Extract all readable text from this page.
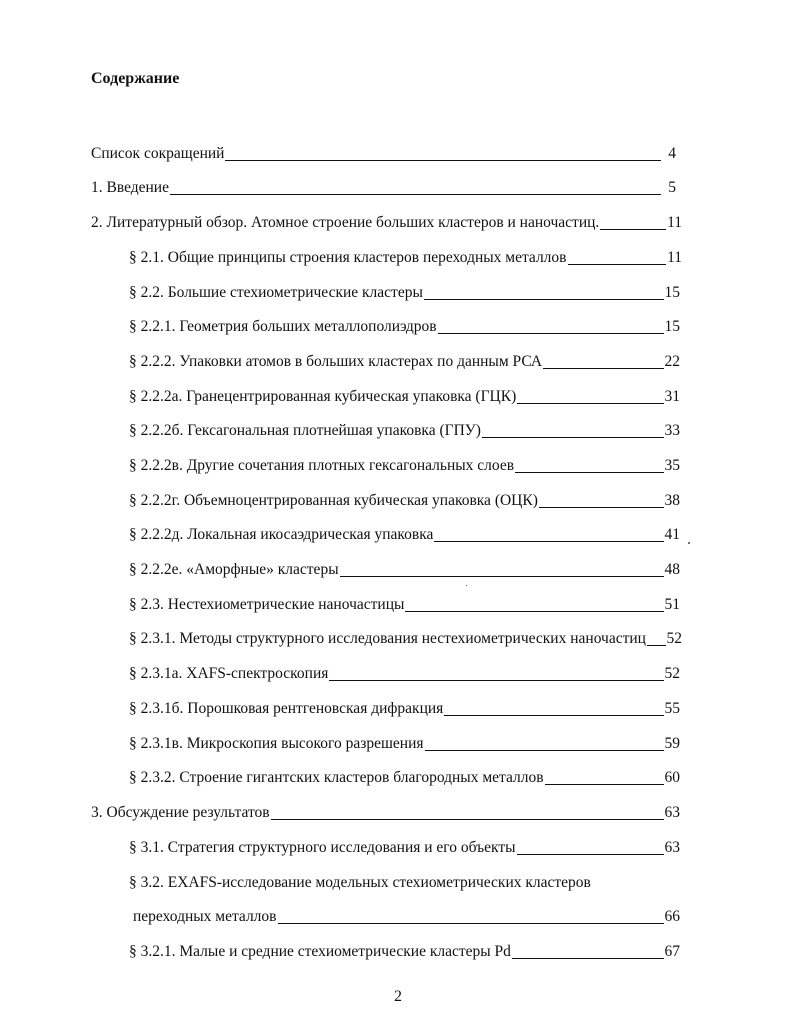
Содержание
Список сокращений	4
1. Введение	5
2. Литературный обзор. Атомное строение больших кластеров и наночастиц.	11
§ 2.1. Общие принципы строения кластеров переходных металлов	11
§ 2.2. Большие стехиометрические кластеры	15
§ 2.2.1. Геометрия больших металлополиэдров	15
§ 2.2.2. Упаковки атомов в больших кластерах по данным РСА	22
§ 2.2.2а. Гранецентрированная кубическая упаковка (ГЦК)	31
§ 2.2.2б. Гексагональная плотнейшая упаковка (ГПУ)	33
§ 2.2.2в. Другие сочетания плотных гексагональных слоев	35
§ 2.2.2г. Объемноцентрированная кубическая упаковка (ОЦК)	38
§ 2.2.2д. Локальная икосаэдрическая упаковка	41
§ 2.2.2е. «Аморфные» кластеры	48
§ 2.3. Нестехиометрические наночастицы	51
§ 2.3.1. Методы структурного исследования нестехиометрических наночастиц 52
§ 2.3.1а. XAFS-спектроскопия	52
§ 2.3.1б. Порошковая рентгеновская дифракция	55
§ 2.3.1в. Микроскопия высокого разрешения	59
§ 2.3.2. Строение гигантских кластеров благородных металлов	60
3. Обсуждение результатов	63
§ 3.1. Стратегия структурного исследования и его объекты	63
§ 3.2. EXAFS-исследование модельных стехиометрических кластеров
переходных металлов	66
§ 3.2.1. Малые и средние стехиометрические кластеры Pd	67
2
